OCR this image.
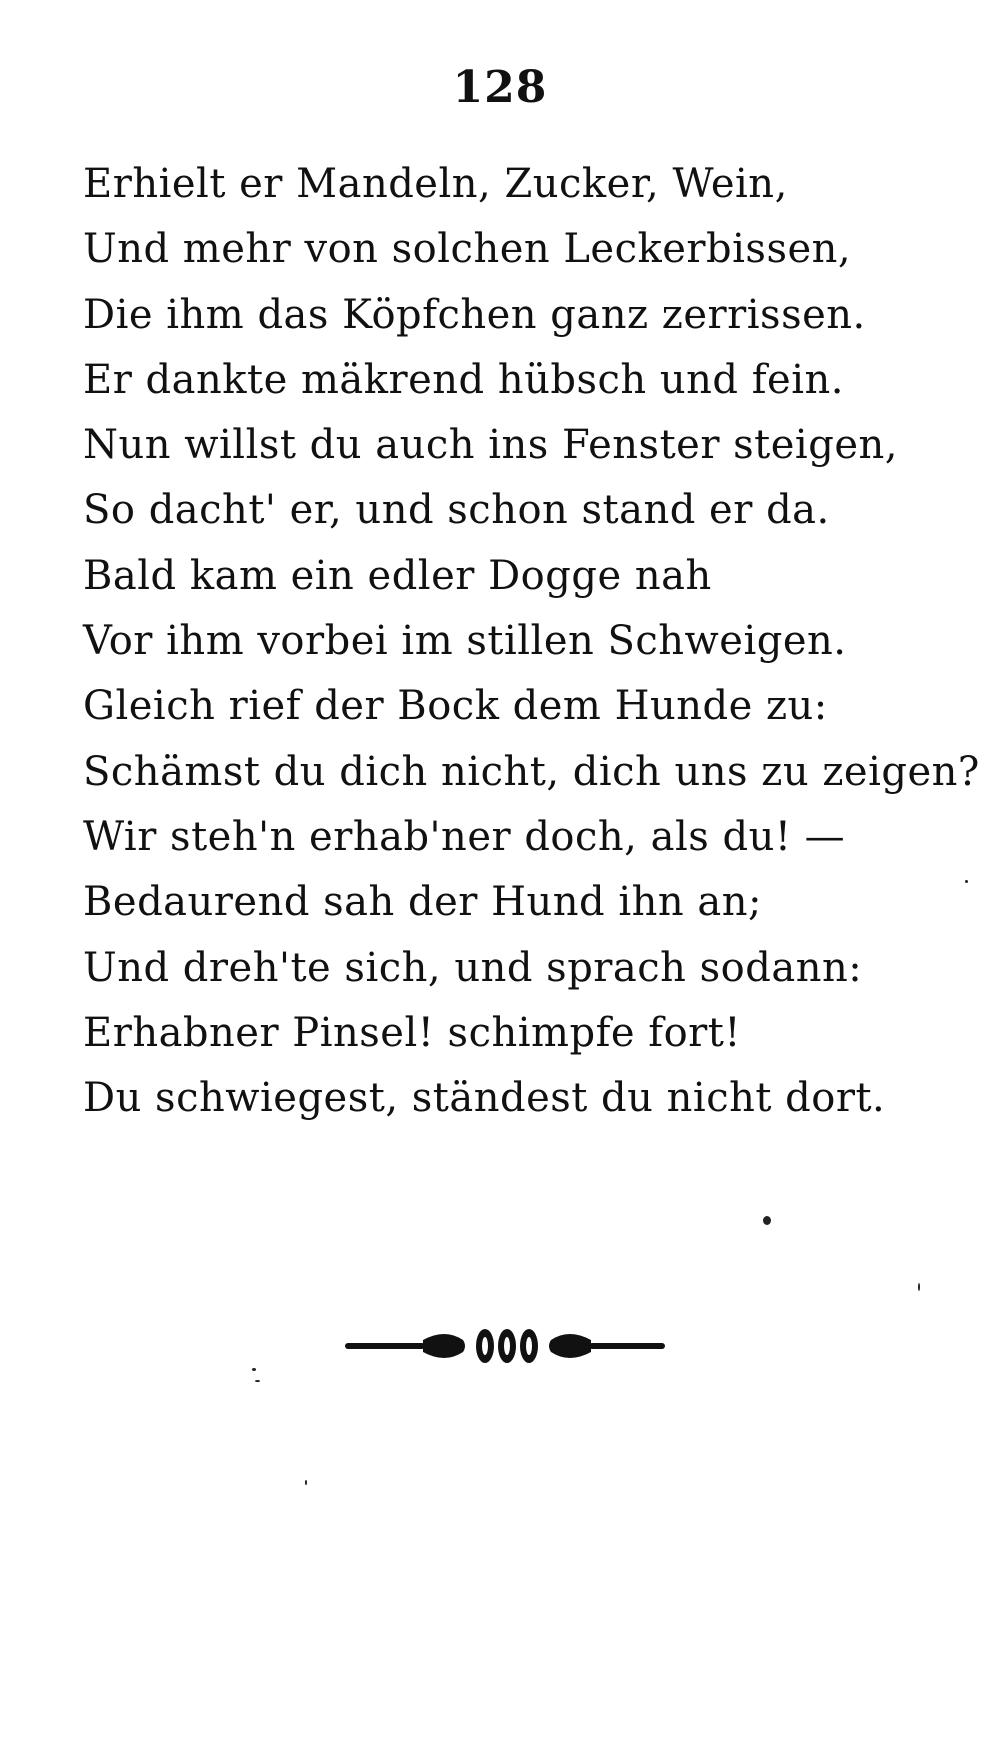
128
Erhielt er Mandeln, Zucker, Wein,
Und mehr von solchen Leckerbissen,
Die ihm das Köpfchen ganz zerrissen.
Er dankte mäkrend hübsch und fein.
Nun willst du auch ins Fenster steigen,
So dacht' er, und schon stand er da.
Bald kam ein edler Dogge nah
Vor ihm vorbei im stillen Schweigen.
Gleich rief der Bock dem Hunde zu:
Schämst du dich nicht, dich uns zu zeigen?
Wir steh'n erhab'ner doch, als du! —
Bedaurend sah der Hund ihn an;
Und dreh'te sich, und sprach sodann:
Erhabner Pinsel! schimpfe fort!
Du schwiegest, ständest du nicht dort.
